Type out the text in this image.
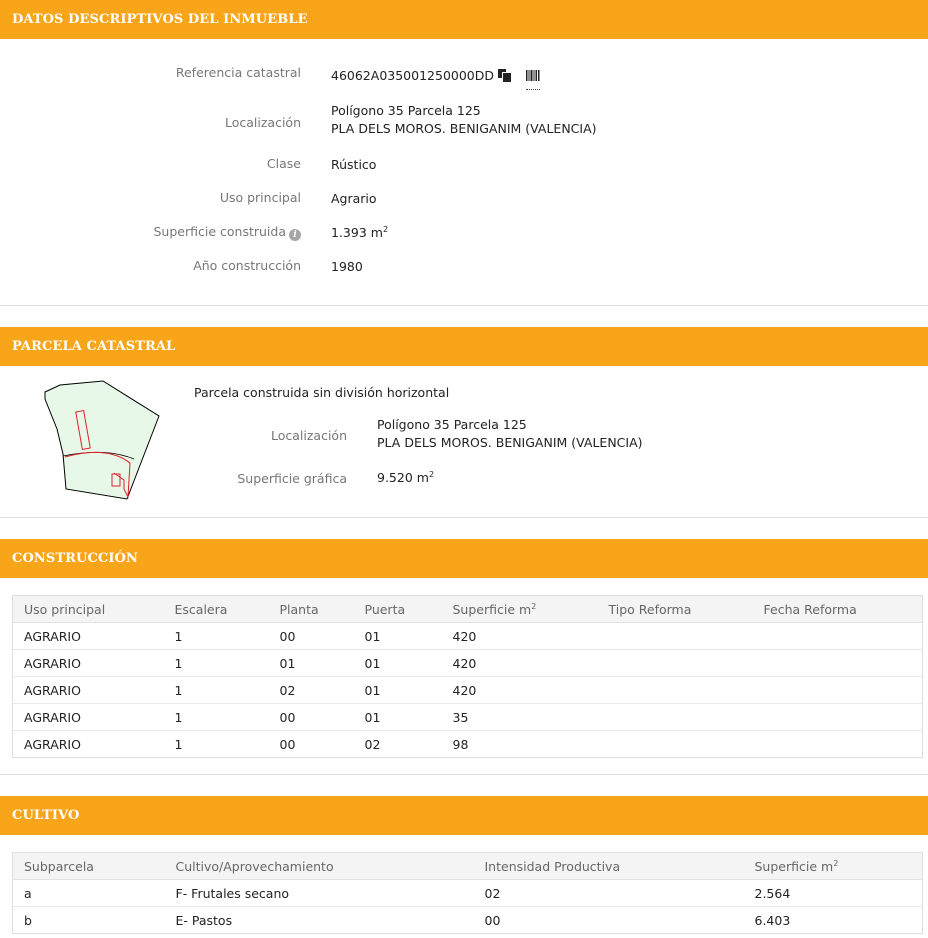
DATOS DESCRIPTIVOS DEL INMUEBLE
Referencia catastral 46062A035001250000DD
Localización
Polígono 35 Parcela 125
PLA DELS MOROS. BENIGANIM (VALENCIA)
Clase Rústico
Uso principal Agrario
Superficie construida i	1.393 $m^2$
Año construcción 1980
PARCELA CATASTRAL
Parcela construida sin división horizontal
Localización
Polígono 35 Parcela 125
PLA DELS MOROS. BENIGANIM (VALENCIA)
Superficie gráfica 9.520 $m^2$
CONSTRUCCIÓN
Uso principal	Escalera	Planta	Puerta	Superficie $m^2$	Tipo Reforma	Fecha Reforma
AGRARIO	1	00	01	420		
AGRARIO	1	01	01	420		
AGRARIO	1	02	01	420		
AGRARIO	1	00	01	35		
AGRARIO	1	00	02	98		
CULTIVO
Subparcela	Cultivo/Aprovechamiento	Intensidad Productiva	Superficie $m^2$
a	F- Frutales secano	02	2.564
b	E- Pastos	00	6.403
